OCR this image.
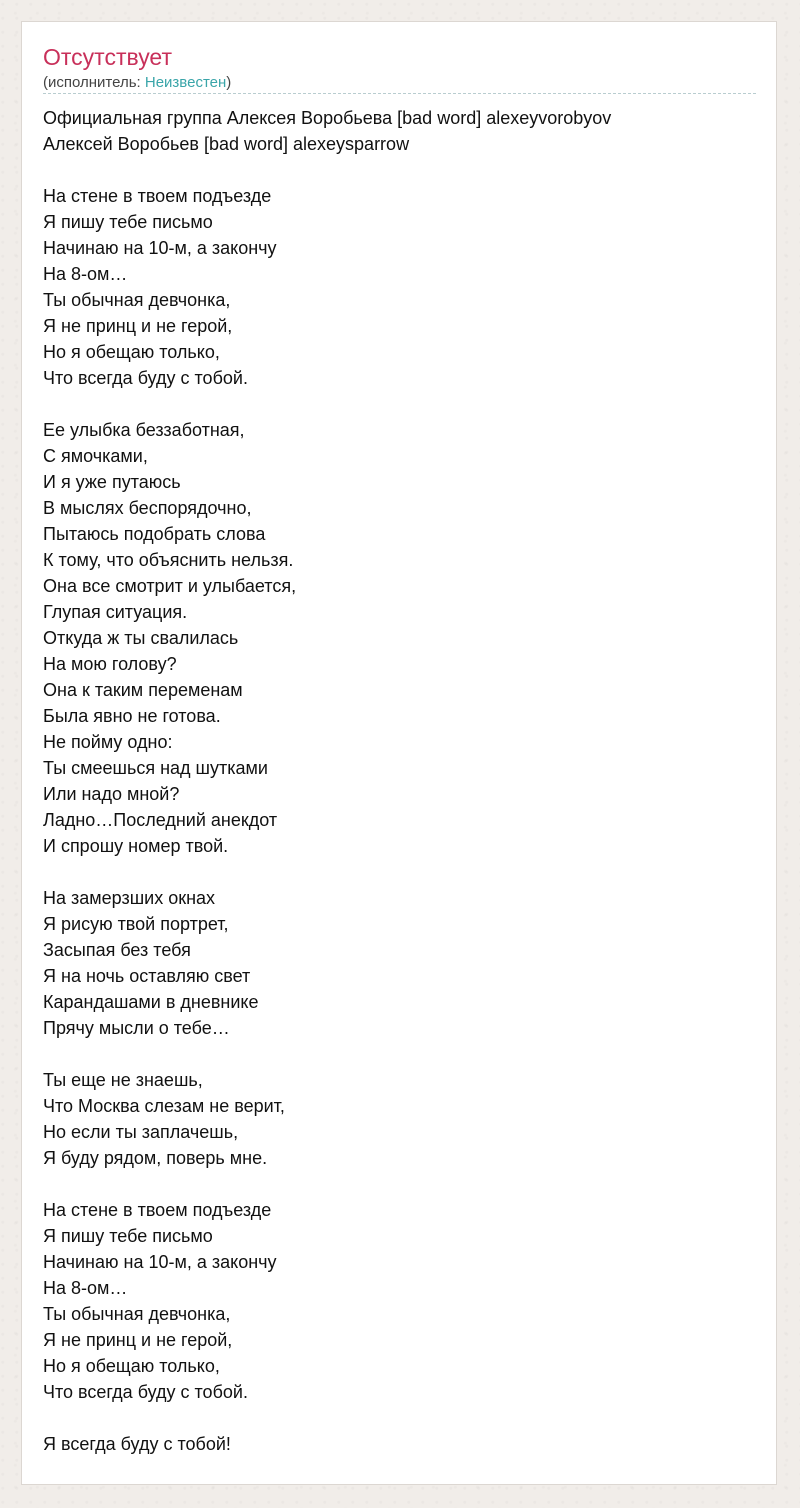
Отсутствует
(исполнитель: Неизвестен)
Официальная группа Алексея Воробьева [bad word] alexeyvorobyov
Алексей Воробьев [bad word] alexeysparrow
На стене в твоем подъезде
Я пишу тебе письмо
Начинаю на 10-м, а закончу
На 8-ом…
Ты обычная девчонка,
Я не принц и не герой,
Но я обещаю только,
Что всегда буду с тобой.
Ее улыбка беззаботная,
С ямочками,
И я уже путаюсь
В мыслях беспорядочно,
Пытаюсь подобрать слова
К тому, что объяснить нельзя.
Она все смотрит и улыбается,
Глупая ситуация.
Откуда ж ты свалилась
На мою голову?
Она к таким переменам
Была явно не готова.
Не пойму одно:
Ты смеешься над шутками
Или надо мной?
Ладно…Последний анекдот
И спрошу номер твой.
На замерзших окнах
Я рисую твой портрет,
Засыпая без тебя
Я на ночь оставляю свет
Карандашами в дневнике
Прячу мысли о тебе…
Ты еще не знаешь,
Что Москва слезам не верит,
Но если ты заплачешь,
Я буду рядом, поверь мне.
На стене в твоем подъезде
Я пишу тебе письмо
Начинаю на 10-м, а закончу
На 8-ом…
Ты обычная девчонка,
Я не принц и не герой,
Но я обещаю только,
Что всегда буду с тобой.
Я всегда буду с тобой!
